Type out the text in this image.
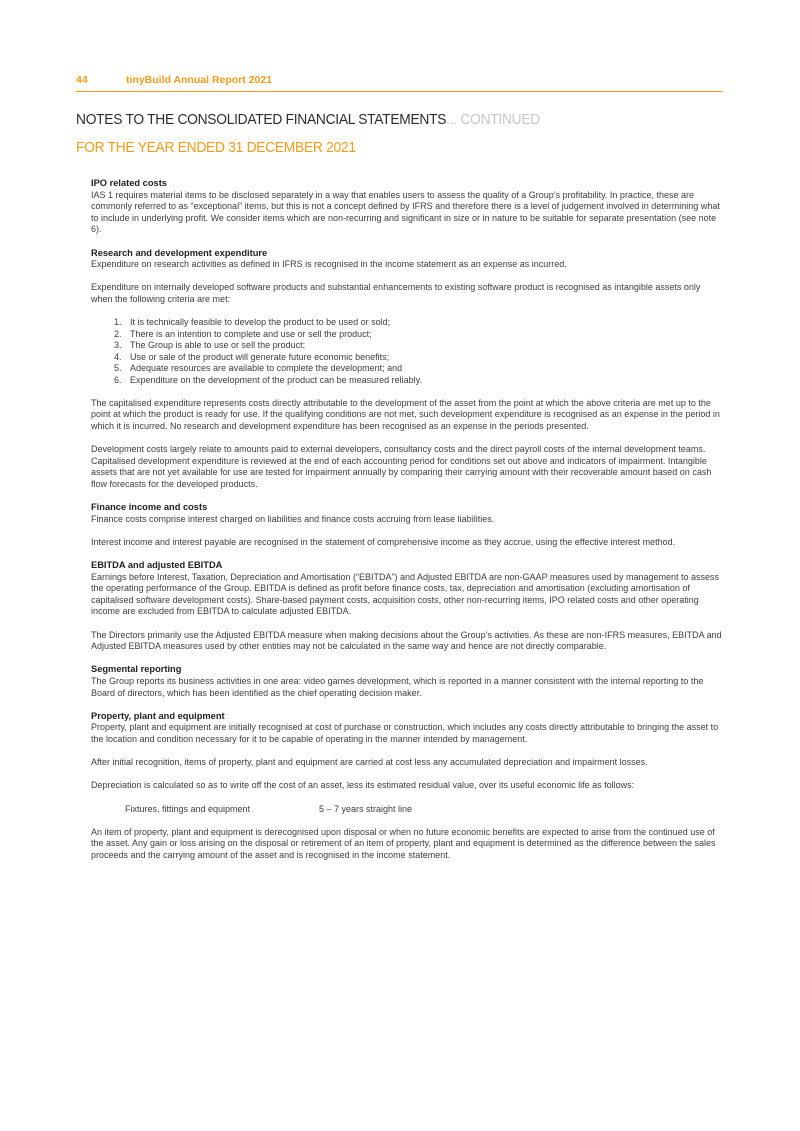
44	tinyBuild Annual Report 2021
NOTES TO THE CONSOLIDATED FINANCIAL STATEMENTS... CONTINUED
FOR THE YEAR ENDED 31 DECEMBER 2021
IPO related costs

IAS 1 requires material items to be disclosed separately in a way that enables users to assess the quality of a Group’s profitability. In practice, these are commonly referred to as “exceptional” items, but this is not a concept defined by IFRS and therefore there is a level of judgement involved in determining what to include in underlying profit. We consider items which are non-recurring and significant in size or in nature to be suitable for separate presentation (see note 6).

Research and development expenditure

Expenditure on research activities as defined in IFRS is recognised in the income statement as an expense as incurred.

Expenditure on internally developed software products and substantial enhancements to existing software product is recognised as intangible assets only when the following criteria are met:

1. It is technically feasible to develop the product to be used or sold;
2. There is an intention to complete and use or sell the product;
3. The Group is able to use or sell the product;
4. Use or sale of the product will generate future economic benefits;
5. Adequate resources are available to complete the development; and
6. Expenditure on the development of the product can be measured reliably.

The capitalised expenditure represents costs directly attributable to the development of the asset from the point at which the above criteria are met up to the point at which the product is ready for use. If the qualifying conditions are not met, such development expenditure is recognised as an expense in the period in which it is incurred. No research and development expenditure has been recognised as an expense in the periods presented.

Development costs largely relate to amounts paid to external developers, consultancy costs and the direct payroll costs of the internal development teams. Capitalised development expenditure is reviewed at the end of each accounting period for conditions set out above and indicators of impairment. Intangible assets that are not yet available for use are tested for impairment annually by comparing their carrying amount with their recoverable amount based on cash flow forecasts for the developed products.

Finance income and costs

Finance costs comprise interest charged on liabilities and finance costs accruing from lease liabilities.

Interest income and interest payable are recognised in the statement of comprehensive income as they accrue, using the effective interest method.

EBITDA and adjusted EBITDA

Earnings before Interest, Taxation, Depreciation and Amortisation (“EBITDA”) and Adjusted EBITDA are non-GAAP measures used by management to assess the operating performance of the Group. EBITDA is defined as profit before finance costs, tax, depreciation and amortisation (excluding amortisation of capitalised software development costs). Share-based payment costs, acquisition costs, other non-recurring items, IPO related costs and other operating income are excluded from EBITDA to calculate adjusted EBITDA.

The Directors primarily use the Adjusted EBITDA measure when making decisions about the Group’s activities. As these are non-IFRS measures, EBITDA and Adjusted EBITDA measures used by other entities may not be calculated in the same way and hence are not directly comparable.

Segmental reporting

The Group reports its business activities in one area: video games development, which is reported in a manner consistent with the internal reporting to the Board of directors, which has been identified as the chief operating decision maker.

Property, plant and equipment

Property, plant and equipment are initially recognised at cost of purchase or construction, which includes any costs directly attributable to bringing the asset to the location and condition necessary for it to be capable of operating in the manner intended by management.

After initial recognition, items of property, plant and equipment are carried at cost less any accumulated depreciation and impairment losses.

Depreciation is calculated so as to write off the cost of an asset, less its estimated residual value, over its useful economic life as follows:

Fixtures, fittings and equipment	5 – 7 years straight line

An item of property, plant and equipment is derecognised upon disposal or when no future economic benefits are expected to arise from the continued use of the asset. Any gain or loss arising on the disposal or retirement of an item of property, plant and equipment is determined as the difference between the sales proceeds and the carrying amount of the asset and is recognised in the income statement.
